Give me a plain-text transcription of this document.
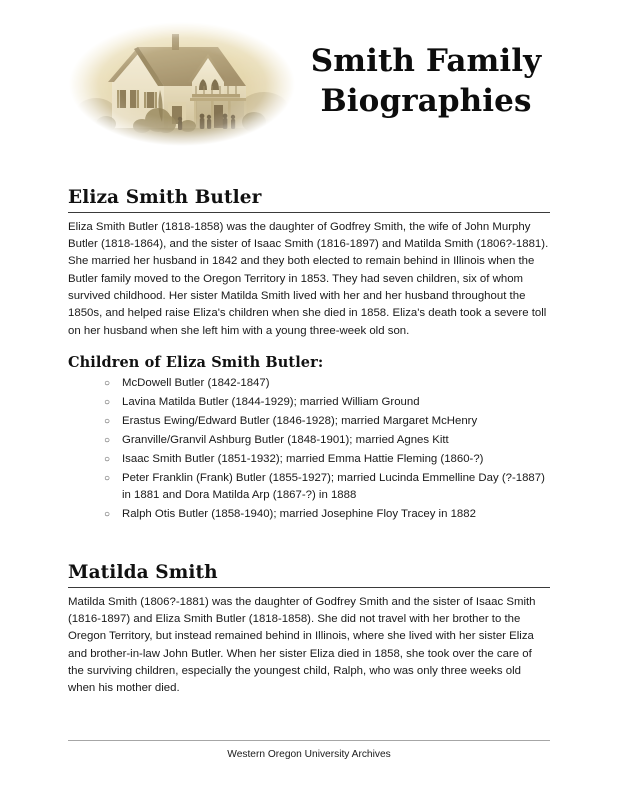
Smith Family
Biographies
Eliza Smith Butler

Eliza Smith Butler (1818-1858) was the daughter of Godfrey Smith, the wife of John Murphy Butler (1818-1864), and the sister of Isaac Smith (1816-1897) and Matilda Smith (1806?-1881). She married her husband in 1842 and they both elected to remain behind in Illinois when the Butler family moved to the Oregon Territory in 1853. They had seven children, six of whom survived childhood. Her sister Matilda Smith lived with her and her husband throughout the 1850s, and helped raise Eliza's children when she died in 1858. Eliza's death took a severe toll on her husband when she left him with a young three-week old son.

Children of Eliza Smith Butler:
○	McDowell Butler (1842-1847)
○	Lavina Matilda Butler (1844-1929); married William Ground
○	Erastus Ewing/Edward Butler (1846-1928); married Margaret McHenry
○	Granville/Granvil Ashburg Butler (1848-1901); married Agnes Kitt
○	Isaac Smith Butler (1851-1932); married Emma Hattie Fleming (1860-?)
○	Peter Franklin (Frank) Butler (1855-1927); married Lucinda Emmelline Day (?-1887) in 1881 and Dora Matilda Arp (1867-?) in 1888
○	Ralph Otis Butler (1858-1940); married Josephine Floy Tracey in 1882
Matilda Smith

Matilda Smith (1806?-1881) was the daughter of Godfrey Smith and the sister of Isaac Smith (1816-1897) and Eliza Smith Butler (1818-1858). She did not travel with her brother to the Oregon Territory, but instead remained behind in Illinois, where she lived with her sister Eliza and brother-in-law John Butler. When her sister Eliza died in 1858, she took over the care of the surviving children, especially the youngest child, Ralph, who was only three weeks old when his mother died.

Western Oregon University Archives
